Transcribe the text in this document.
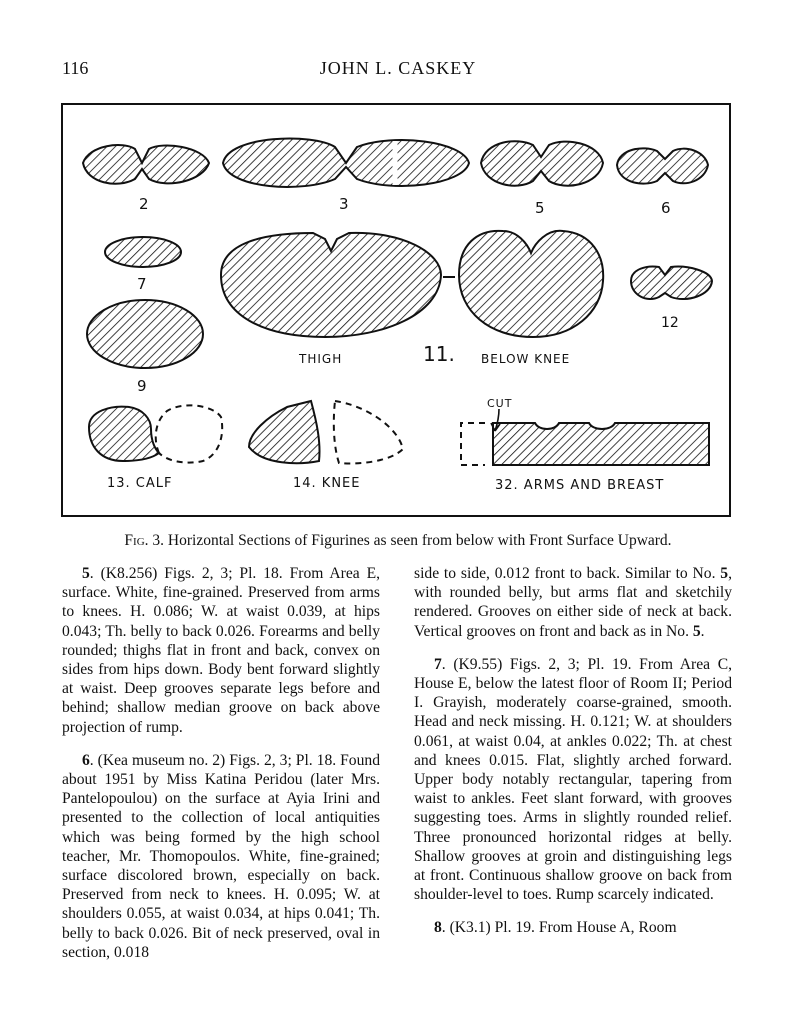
116	JOHN L. CASKEY
2	3	5	6
7
9
THIGH	11. BELOW KNEE
12
CUT
13. CALF	14. KNEE	32. ARMS AND BREAST
Fig. 3. Horizontal Sections of Figurines as seen from below with Front Surface Upward.

5. (K8.256) Figs. 2, 3; Pl. 18. From Area E, surface. White, fine-grained. Preserved from arms to knees. H. 0.086; W. at waist 0.039, at hips 0.043; Th. belly to back 0.026. Forearms and belly rounded; thighs flat in front and back, convex on sides from hips down. Body bent forward slightly at waist. Deep grooves separate legs before and behind; shallow median groove on back above projection of rump.

6. (Kea museum no. 2) Figs. 2, 3; Pl. 18. Found about 1951 by Miss Katina Peridou (later Mrs. Pantelopoulou) on the surface at Ayia Irini and presented to the collection of local antiquities which was being formed by the high school teacher, Mr. Thomopoulos. White, fine-grained; surface discolored brown, especially on back. Preserved from neck to knees. H. 0.095; W. at shoulders 0.055, at waist 0.034, at hips 0.041; Th. belly to back 0.026. Bit of neck preserved, oval in section, 0.018

side to side, 0.012 front to back. Similar to No. 5, with rounded belly, but arms flat and sketchily rendered. Grooves on either side of neck at back. Vertical grooves on front and back as in No. 5.

7. (K9.55) Figs. 2, 3; Pl. 19. From Area C, House E, below the latest floor of Room II; Period I. Grayish, moderately coarse-grained, smooth. Head and neck missing. H. 0.121; W. at shoulders 0.061, at waist 0.04, at ankles 0.022; Th. at chest and knees 0.015. Flat, slightly arched forward. Upper body notably rectangular, tapering from waist to ankles. Feet slant forward, with grooves suggesting toes. Arms in slightly rounded relief. Three pronounced horizontal ridges at belly. Shallow grooves at groin and distinguishing legs at front. Continuous shallow groove on back from shoulder-level to toes. Rump scarcely indicated.

8. (K3.1) Pl. 19. From House A, Room
